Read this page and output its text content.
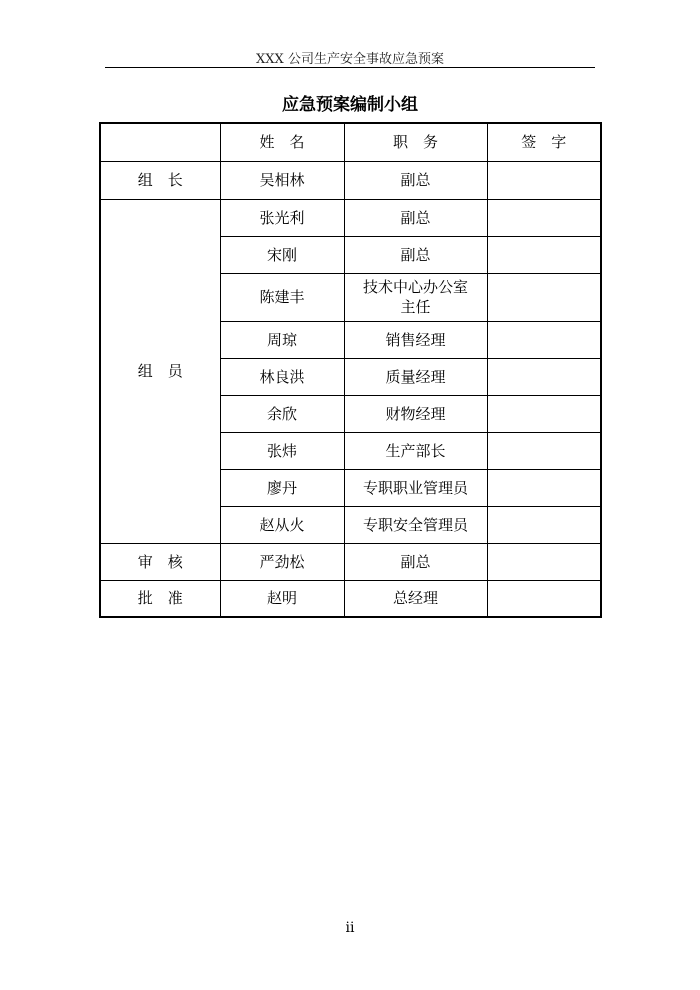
XXX 公司生产安全事故应急预案
应急预案编制小组
	姓　名	职　务	签　字
组　长	吴相林	副总	
组　员	张光利	副总	
	宋刚	副总	
	陈建丰	技术中心办公室主任	
	周琼	销售经理	
	林良洪	质量经理	
	余欣	财物经理	
	张炜	生产部长	
	廖丹	专职职业管理员	
	赵从火	专职安全管理员	
审　核	严劲松	副总	
批　准	赵明	总经理	
ii
